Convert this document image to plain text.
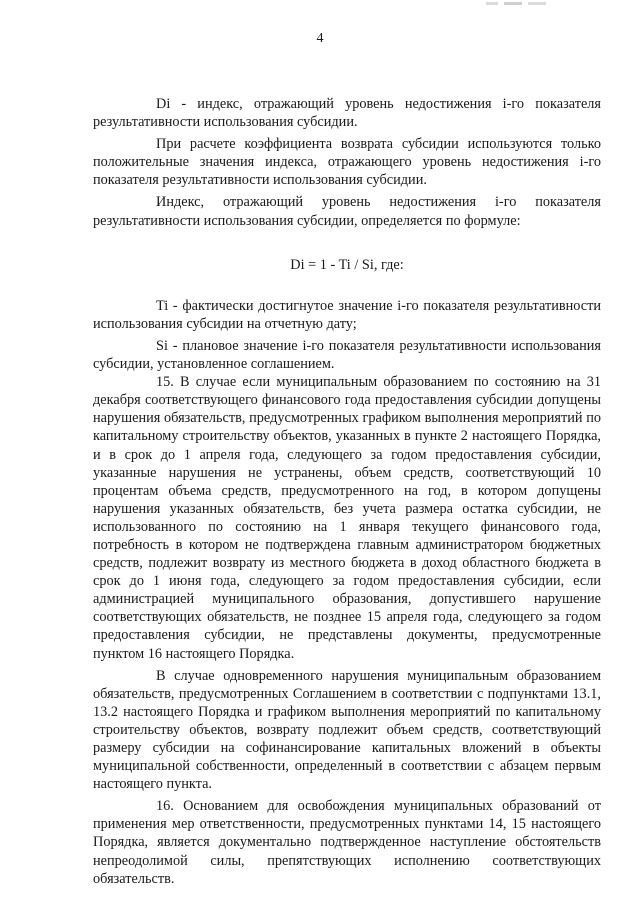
4

Di - индекс, отражающий уровень недостижения i-го показателя результативности использования субсидии.

При расчете коэффициента возврата субсидии используются только положительные значения индекса, отражающего уровень недостижения i-го показателя результативности использования субсидии.

Индекс, отражающий уровень недостижения i-го показателя результативности использования субсидии, определяется по формуле:

Di = 1 - Ti / Si, где:

Ti - фактически достигнутое значение i-го показателя результативности использования субсидии на отчетную дату;

Si - плановое значение i-го показателя результативности использования субсидии, установленное соглашением.

15. В случае если муниципальным образованием по состоянию на 31 декабря соответствующего финансового года предоставления субсидии допущены нарушения обязательств, предусмотренных графиком выполнения мероприятий по капитальному строительству объектов, указанных в пункте 2 настоящего Порядка, и в срок до 1 апреля года, следующего за годом предоставления субсидии, указанные нарушения не устранены, объем средств, соответствующий 10 процентам объема средств, предусмотренного на год, в котором допущены нарушения указанных обязательств, без учета размера остатка субсидии, не использованного по состоянию на 1 января текущего финансового года, потребность в котором не подтверждена главным администратором бюджетных средств, подлежит возврату из местного бюджета в доход областного бюджета в срок до 1 июня года, следующего за годом предоставления субсидии, если администрацией муниципального образования, допустившего нарушение соответствующих обязательств, не позднее 15 апреля года, следующего за годом предоставления субсидии, не представлены документы, предусмотренные пунктом 16 настоящего Порядка.

В случае одновременного нарушения муниципальным образованием обязательств, предусмотренных Соглашением в соответствии с подпунктами 13.1, 13.2 настоящего Порядка и графиком выполнения мероприятий по капитальному строительству объектов, возврату подлежит объем средств, соответствующий размеру субсидии на софинансирование капитальных вложений в объекты муниципальной собственности, определенный в соответствии с абзацем первым настоящего пункта.

16. Основанием для освобождения муниципальных образований от применения мер ответственности, предусмотренных пунктами 14, 15 настоящего Порядка, является документально подтвержденное наступление обстоятельств непреодолимой силы, препятствующих исполнению соответствующих обязательств.
